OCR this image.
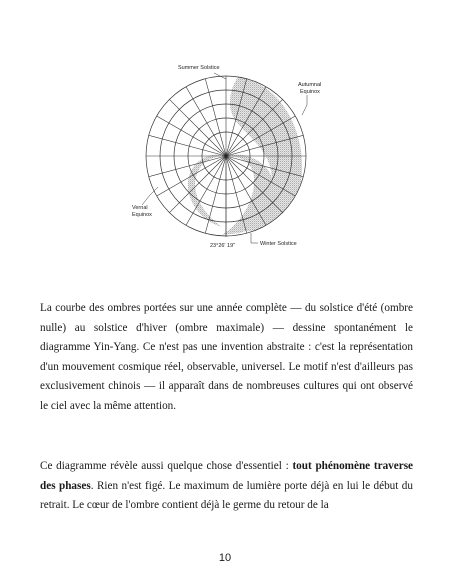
Summer Solstice
Autumnal
Equinox
Vernal
Equinox
Winter Solstice
23°26' 19"

La courbe des ombres portées sur une année complète — du solstice d'été (ombre nulle) au solstice d'hiver (ombre maximale) — dessine spontanément le diagramme Yin-Yang. Ce n'est pas une invention abstraite : c'est la représentation d'un mouvement cosmique réel, observable, universel. Le motif n'est d'ailleurs pas exclusivement chinois — il apparaît dans de nombreuses cultures qui ont observé le ciel avec la même attention.

Ce diagramme révèle aussi quelque chose d'essentiel : tout phénomène traverse des phases. Rien n'est figé. Le maximum de lumière porte déjà en lui le début du retrait. Le cœur de l'ombre contient déjà le germe du retour de la

10
